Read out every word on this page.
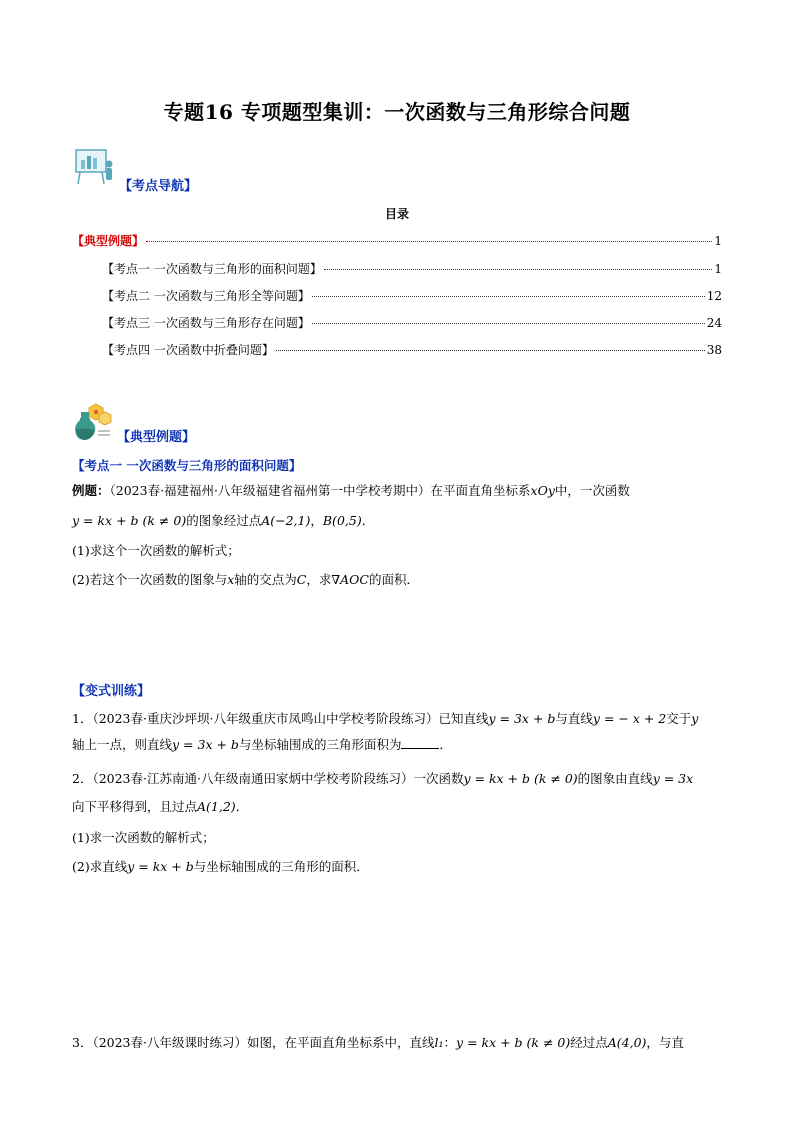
专题16 专项题型集训：一次函数与三角形综合问题
【考点导航】
目录
【典型例题】	1
【考点一 一次函数与三角形的面积问题】	1
【考点二 一次函数与三角形全等问题】	12
【考点三 一次函数与三角形存在问题】	24
【考点四 一次函数中折叠问题】	38
【典型例题】
【考点一 一次函数与三角形的面积问题】
例题：（2023春·福建福州·八年级福建省福州第一中学校考期中）在平面直角坐标系xOy中，一次函数
y = kx + b (k ≠ 0)的图象经过点A(−2,1)，B(0,5)．
(1)求这个一次函数的解析式；
(2)若这个一次函数的图象与x轴的交点为C，求∇AOC的面积．
【变式训练】
1．（2023春·重庆沙坪坝·八年级重庆市凤鸣山中学校考阶段练习）已知直线y = 3x + b与直线y = − x + 2交于y
轴上一点，则直线y = 3x + b与坐标轴围成的三角形面积为	．
2．（2023春·江苏南通·八年级南通田家炳中学校考阶段练习）一次函数y = kx + b (k ≠ 0)的图象由直线y = 3x
向下平移得到，且过点A(1,2)．
(1)求一次函数的解析式；
(2)求直线y = kx + b与坐标轴围成的三角形的面积．
3．（2023春·八年级课时练习）如图，在平面直角坐标系中，直线l₁：y = kx + b (k ≠ 0)经过点A(4,0)，与直
